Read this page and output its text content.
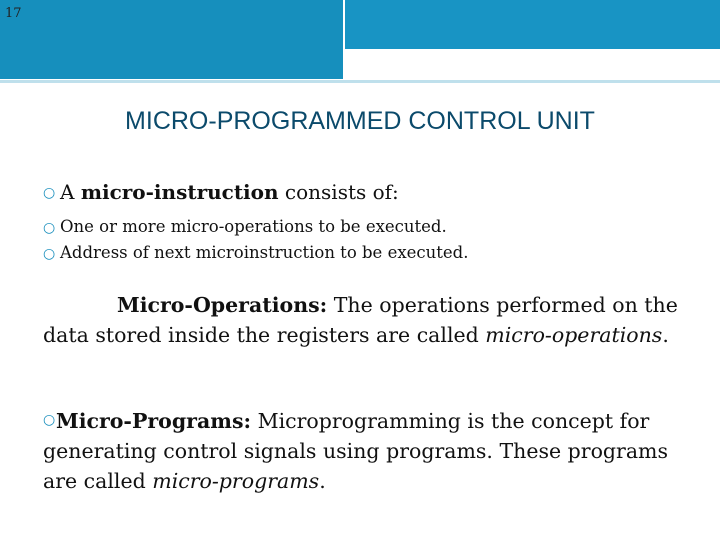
17
MICRO-PROGRAMMED CONTROL UNIT
○ A micro-instruction consists of:
○ One or more micro-operations to be executed.
○ Address of next microinstruction to be executed.
Micro-Operations: The operations performed on the data stored inside the registers are called micro-operations.
○ Micro-Programs: Microprogramming is the concept for generating control signals using programs. These programs are called micro-programs.
